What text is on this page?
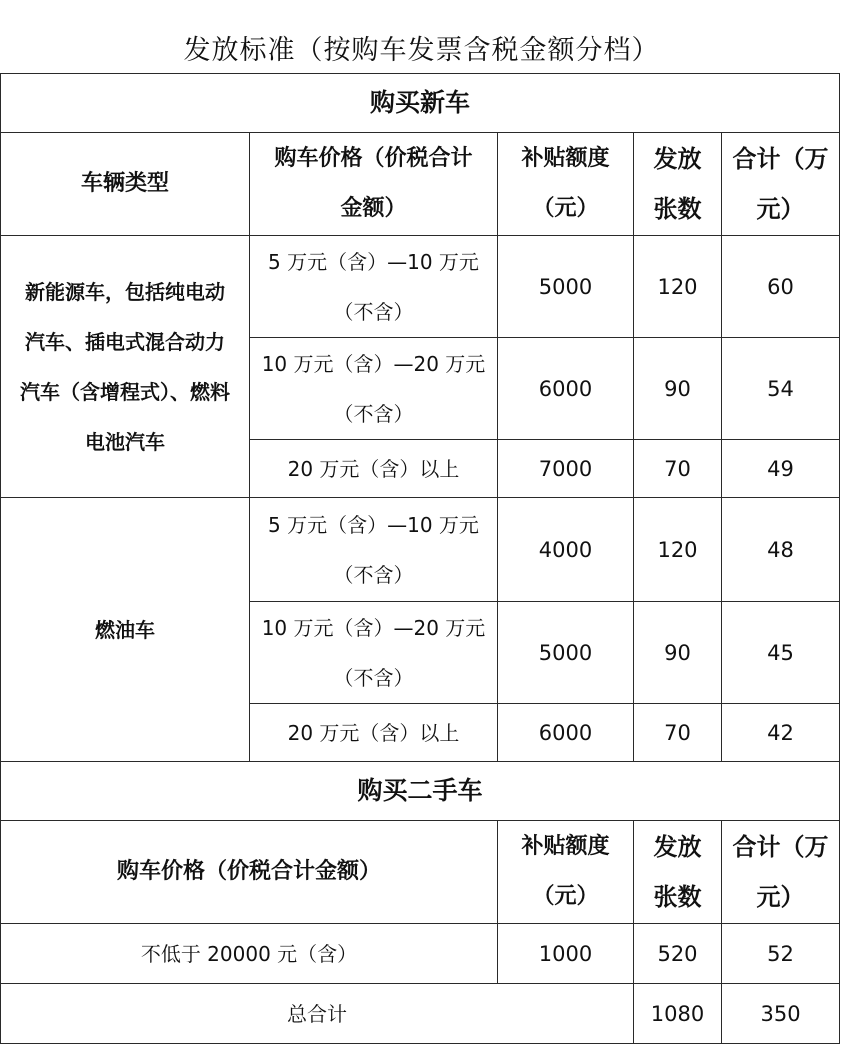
发放标准（按购车发票含税金额分档）
购买新车				
车辆类型	购车价格（价税合计
金额）	补贴额度
（元）	发放
张数	合计（万
元）

新能源车，包括纯电动
汽车、插电式混合动力
汽车（含增程式）、燃料
电池汽车	5 万元（含）—10 万元
（不含）	5000	120	60

	10 万元（含）—20 万元
（不含）	6000	90	54
	20 万元（含）以上	7000	70	49
燃油车	5 万元（含）—10 万元
（不含）	4000	120	48

	10 万元（含）—20 万元
（不含）	5000	90	45
	20 万元（含）以上	6000	70	42
购买二手车				
购车价格（价税合计金额）		补贴额度
（元）	发放
张数	合计（万
元）

不低于 20000 元（含）		1000	520	52
总合计			1080	350
